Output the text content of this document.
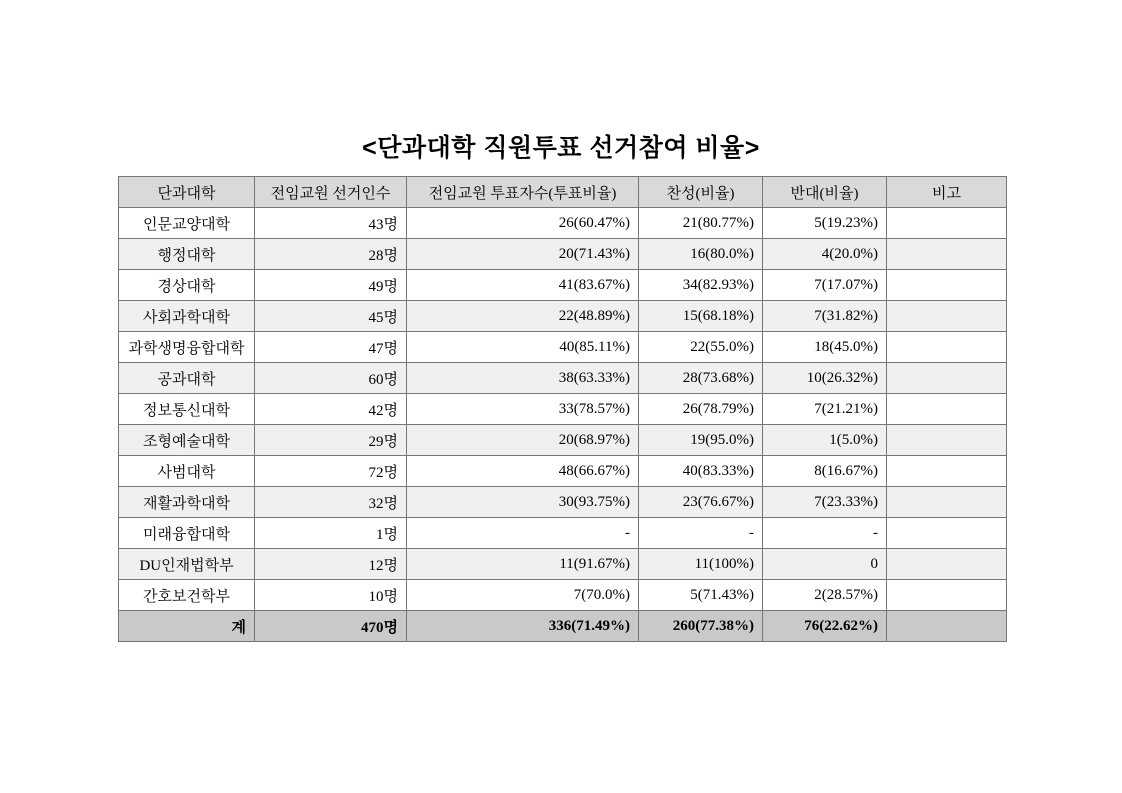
<단과대학 직원투표 선거참여 비율>
단과대학	전임교원 선거인수	전임교원 투표자수(투표비율)	찬성(비율)	반대(비율)	비고
인문교양대학	43명	26(60.47%)	21(80.77%)	5(19.23%)	
행정대학	28명	20(71.43%)	16(80.0%)	4(20.0%)	
경상대학	49명	41(83.67%)	34(82.93%)	7(17.07%)	
사회과학대학	45명	22(48.89%)	15(68.18%)	7(31.82%)	
과학생명융합대학	47명	40(85.11%)	22(55.0%)	18(45.0%)	
공과대학	60명	38(63.33%)	28(73.68%)	10(26.32%)	
정보통신대학	42명	33(78.57%)	26(78.79%)	7(21.21%)	
조형예술대학	29명	20(68.97%)	19(95.0%)	1(5.0%)	
사범대학	72명	48(66.67%)	40(83.33%)	8(16.67%)	
재활과학대학	32명	30(93.75%)	23(76.67%)	7(23.33%)	
미래융합대학	1명	-	-	-	
DU인재법학부	12명	11(91.67%)	11(100%)	0	
간호보건학부	10명	7(70.0%)	5(71.43%)	2(28.57%)	
계	470명	336(71.49%)	260(77.38%)	76(22.62%)	
